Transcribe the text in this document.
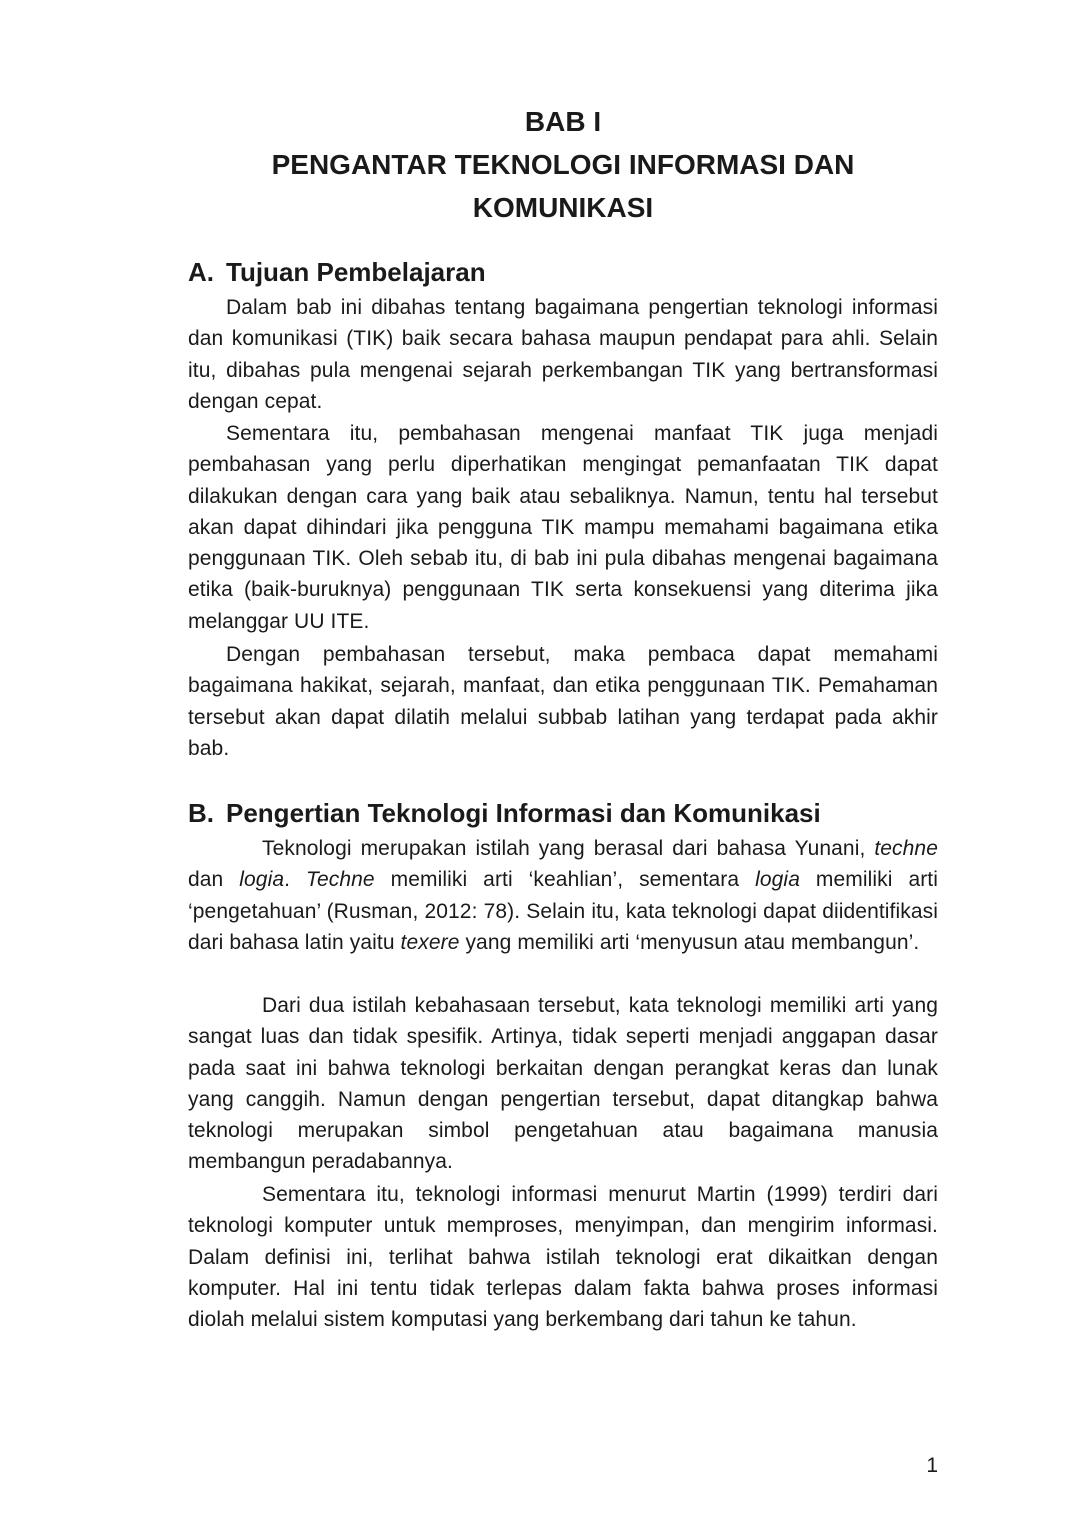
BAB I
PENGANTAR TEKNOLOGI INFORMASI DAN
KOMUNIKASI
A. Tujuan Pembelajaran

Dalam bab ini dibahas tentang bagaimana pengertian teknologi informasi dan komunikasi (TIK) baik secara bahasa maupun pendapat para ahli. Selain itu, dibahas pula mengenai sejarah perkembangan TIK yang bertransformasi dengan cepat.

Sementara itu, pembahasan mengenai manfaat TIK juga menjadi pembahasan yang perlu diperhatikan mengingat pemanfaatan TIK dapat dilakukan dengan cara yang baik atau sebaliknya. Namun, tentu hal tersebut akan dapat dihindari jika pengguna TIK mampu memahami bagaimana etika penggunaan TIK. Oleh sebab itu, di bab ini pula dibahas mengenai bagaimana etika (baik-buruknya) penggunaan TIK serta konsekuensi yang diterima jika melanggar UU ITE.

Dengan pembahasan tersebut, maka pembaca dapat memahami bagaimana hakikat, sejarah, manfaat, dan etika penggunaan TIK. Pemahaman tersebut akan dapat dilatih melalui subbab latihan yang terdapat pada akhir bab.

B. Pengertian Teknologi Informasi dan Komunikasi

Teknologi merupakan istilah yang berasal dari bahasa Yunani, techne dan logia. Techne memiliki arti ‘keahlian’, sementara logia memiliki arti ‘pengetahuan’ (Rusman, 2012: 78). Selain itu, kata teknologi dapat diidentifikasi dari bahasa latin yaitu texere yang memiliki arti ‘menyusun atau membangun’.

Dari dua istilah kebahasaan tersebut, kata teknologi memiliki arti yang sangat luas dan tidak spesifik. Artinya, tidak seperti menjadi anggapan dasar pada saat ini bahwa teknologi berkaitan dengan perangkat keras dan lunak yang canggih. Namun dengan pengertian tersebut, dapat ditangkap bahwa teknologi merupakan simbol pengetahuan atau bagaimana manusia membangun peradabannya.

Sementara itu, teknologi informasi menurut Martin (1999) terdiri dari teknologi komputer untuk memproses, menyimpan, dan mengirim informasi. Dalam definisi ini, terlihat bahwa istilah teknologi erat dikaitkan dengan komputer. Hal ini tentu tidak terlepas dalam fakta bahwa proses informasi diolah melalui sistem komputasi yang berkembang dari tahun ke tahun.

1
